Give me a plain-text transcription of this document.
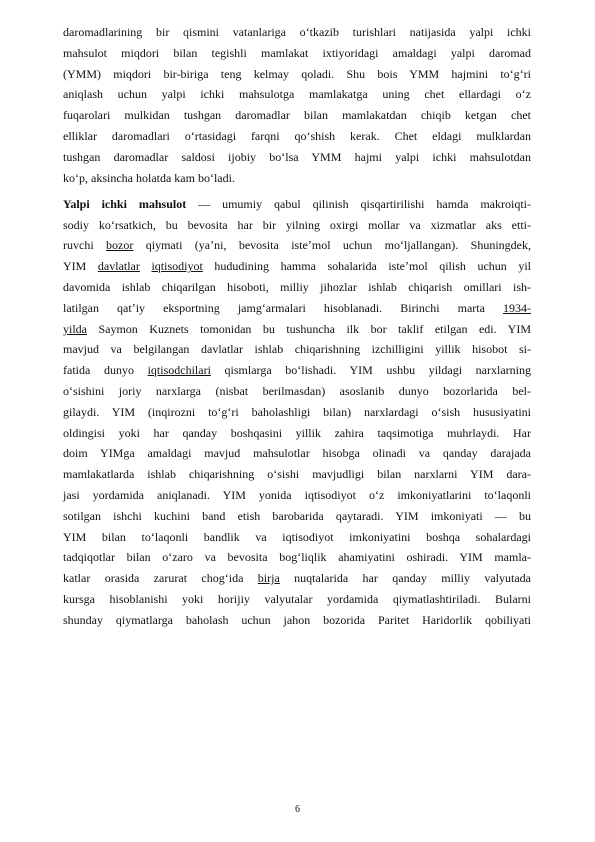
daromadlarining bir qismini vatanlariga oʻtkazib turishlari natijasida yalpi ichki

mahsulot miqdori bilan tegishli mamlakat ixtiyoridagi amaldagi yalpi daromad

(YMM) miqdori bir-biriga teng kelmay qoladi. Shu bois YMM hajmini toʻgʻri

aniqlash uchun yalpi ichki mahsulotga mamlakatga uning chet ellardagi oʻz

fuqarolari mulkidan tushgan daromadlar bilan mamlakatdan chiqib ketgan chet

elliklar daromadlari oʻrtasidagi farqni qoʻshish kerak. Chet eldagi mulklardan

tushgan daromadlar saldosi ijobiy boʻlsa YMM hajmi yalpi ichki mahsulotdan

koʻp, aksincha holatda kam boʻladi.

Yalpi ichki mahsulot — umumiy qabul qilinish qisqartirilishi hamda makroiqti-

sodiy koʻrsatkich, bu bevosita har bir yilning oxirgi mollar va xizmatlar aks etti-

ruvchi bozor qiymati (yaʼni, bevosita isteʼmol uchun moʻljallangan). Shuningdek,

YIM davlatlar iqtisodiyot hududining hamma sohalarida isteʼmol qilish uchun yil

davomida ishlab chiqarilgan hisoboti, milliy jihozlar ishlab chiqarish omillari ish-

latilgan qatʼiy eksportning jamgʻarmalari hisoblanadi. Birinchi marta 1934-

yilda Saymon Kuznets tomonidan bu tushuncha ilk bor taklif etilgan edi. YIM

mavjud va belgilangan davlatlar ishlab chiqarishning izchilligini yillik hisobot si-

fatida dunyo iqtisodchilari qismlarga boʻlishadi. YIM ushbu yildagi narxlarning

oʻsishini joriy narxlarga (nisbat berilmasdan) asoslanib dunyo bozorlarida bel-

gilaydi. YIM (inqirozni toʻgʻri baholashligi bilan) narxlardagi oʻsish hususiyatini

oldingisi yoki har qanday boshqasini yillik zahira taqsimotiga muhrlaydi. Har

doim YIMga amaldagi mavjud mahsulotlar hisobga olinadi va qanday darajada

mamlakatlarda ishlab chiqarishning oʻsishi mavjudligi bilan narxlarni YIM dara-

jasi yordamida aniqlanadi. YIM yonida iqtisodiyot oʻz imkoniyatlarini toʻlaqonli

sotilgan ishchi kuchini band etish barobarida qaytaradi. YIM imkoniyati — bu

YIM bilan toʻlaqonli bandlik va iqtisodiyot imkoniyatini boshqa sohalardagi

tadqiqotlar bilan oʻzaro va bevosita bogʻliqlik ahamiyatini oshiradi. YIM mamla-

katlar orasida zarurat chogʻida birja nuqtalarida har qanday milliy valyutada

kursga hisoblanishi yoki horijiy valyutalar yordamida qiymatlashtiriladi. Bularni

shunday qiymatlarga baholash uchun jahon bozorida Paritet Haridorlik qobiliyati

6
